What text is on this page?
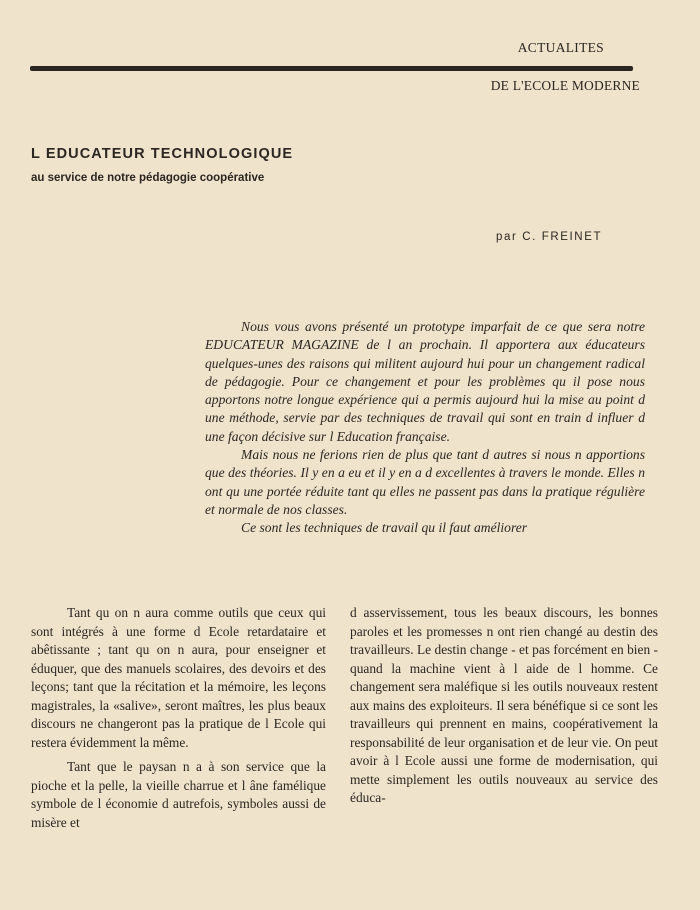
ACTUALITES
DE L'ECOLE MODERNE
L EDUCATEUR TECHNOLOGIQUE
au service de notre pédagogie coopérative
par C. FREINET

Nous vous avons présenté un prototype imparfait de ce que sera notre EDUCATEUR MAGAZINE de l an prochain. Il apportera aux éducateurs quelques-unes des raisons qui militent aujourd hui pour un changement radical de pédagogie. Pour ce changement et pour les problèmes qu il pose nous apportons notre longue expérience qui a permis aujourd hui la mise au point d une méthode, servie par des techniques de travail qui sont en train d influer d une façon décisive sur l Education française.

Mais nous ne ferions rien de plus que tant d autres si nous n apportions que des théories. Il y en a eu et il y en a d excellentes à travers le monde. Elles n ont qu une portée réduite tant qu elles ne passent pas dans la pratique régulière et normale de nos classes.

Ce sont les techniques de travail qu il faut améliorer

Tant qu on n aura comme outils que ceux qui sont intégrés à une forme d Ecole retardataire et abêtissante ; tant qu on n aura, pour enseigner et éduquer, que des manuels scolaires, des devoirs et des leçons; tant que la récitation et la mémoire, les leçons magistrales, la «salive», seront maîtres, les plus beaux discours ne changeront pas la pratique de l Ecole qui restera évidemment la même.

Tant que le paysan n a à son service que la pioche et la pelle, la vieille charrue et l âne famélique symbole de l économie d autrefois, symboles aussi de misère et

d asservissement, tous les beaux discours, les bonnes paroles et les promesses n ont rien changé au destin des travailleurs. Le destin change - et pas forcément en bien - quand la machine vient à l aide de l homme. Ce changement sera maléfique si les outils nouveaux restent aux mains des exploiteurs. Il sera bénéfique si ce sont les travailleurs qui prennent en mains, coopérativement la responsabilité de leur organisation et de leur vie. On peut avoir à l Ecole aussi une forme de modernisation, qui mette simplement les outils nouveaux au service des éduca-
